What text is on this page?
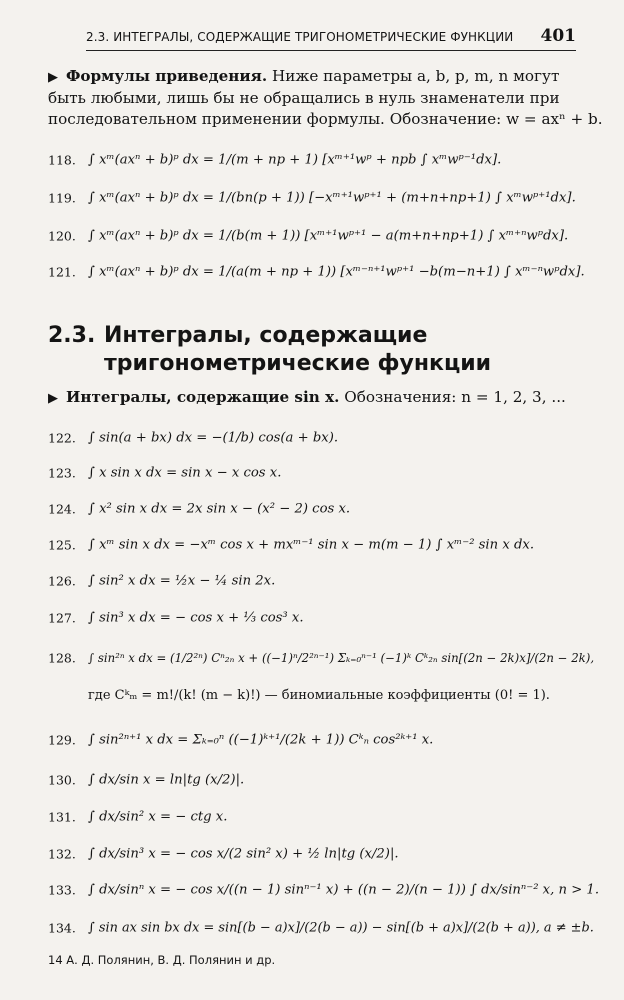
2.3. ИНТЕГРАЛЫ, СОДЕРЖАЩИЕ ТРИГОНОМЕТРИЧЕСКИЕ ФУНКЦИИ 401
▶ Формулы приведения. Ниже параметры a, b, p, m, n могут
быть любыми, лишь бы не обращались в нуль знаменатели при
последовательном применении формулы. Обозначение: w = axⁿ + b.
118. ∫ xᵐ(axⁿ + b)ᵖ dx = 1/(m + np + 1) [xᵐ⁺¹wᵖ + npb ∫ xᵐwᵖ⁻¹dx].
119. ∫ xᵐ(axⁿ + b)ᵖ dx = 1/(bn(p + 1)) [−xᵐ⁺¹wᵖ⁺¹ + (m+n+np+1) ∫ xᵐwᵖ⁺¹dx].
120. ∫ xᵐ(axⁿ + b)ᵖ dx = 1/(b(m + 1)) [xᵐ⁺¹wᵖ⁺¹ − a(m+n+np+1) ∫ xᵐ⁺ⁿwᵖdx].
121. ∫ xᵐ(axⁿ + b)ᵖ dx = 1/(a(m + np + 1)) [xᵐ⁻ⁿ⁺¹wᵖ⁺¹ −b(m−n+1) ∫ xᵐ⁻ⁿwᵖdx].
2.3. Интегралы, содержащие
тригонометрические функции
▶ Интегралы, содержащие sin x. Обозначения: n = 1, 2, 3, ...
122. ∫ sin(a + bx) dx = −(1/b) cos(a + bx).
123. ∫ x sin x dx = sin x − x cos x.
124. ∫ x² sin x dx = 2x sin x − (x² − 2) cos x.
125. ∫ xᵐ sin x dx = −xᵐ cos x + mxᵐ⁻¹ sin x − m(m − 1) ∫ xᵐ⁻² sin x dx.
126. ∫ sin² x dx = ½x − ¼ sin 2x.
127. ∫ sin³ x dx = − cos x + ⅓ cos³ x.
128.	∫ sin²ⁿ x dx = (1/2²ⁿ) Cⁿ₂ₙ x + ((−1)ⁿ/2²ⁿ⁻¹) Σₖ₌₀ⁿ⁻¹ (−1)ᵏ Cᵏ₂ₙ sin[(2n − 2k)x]/(2n − 2k),
где Cᵏₘ = m!/(k! (m − k)!) — биномиальные коэффициенты (0! = 1).
129. ∫ sin²ⁿ⁺¹ x dx = Σₖ₌₀ⁿ ((−1)ᵏ⁺¹/(2k + 1)) Cᵏₙ cos²ᵏ⁺¹ x.
130. ∫ dx/sin x = ln|tg (x/2)|.
131. ∫ dx/sin² x = − ctg x.
132. ∫ dx/sin³ x = − cos x/(2 sin² x) + ½ ln|tg (x/2)|.
133. ∫ dx/sinⁿ x = − cos x/((n − 1) sinⁿ⁻¹ x) + ((n − 2)/(n − 1)) ∫ dx/sinⁿ⁻² x, n > 1.
134. ∫ sin ax sin bx dx = sin[(b − a)x]/(2(b − a)) − sin[(b + a)x]/(2(b + a)), a ≠ ±b.
14 А. Д. Полянин, В. Д. Полянин и др.
